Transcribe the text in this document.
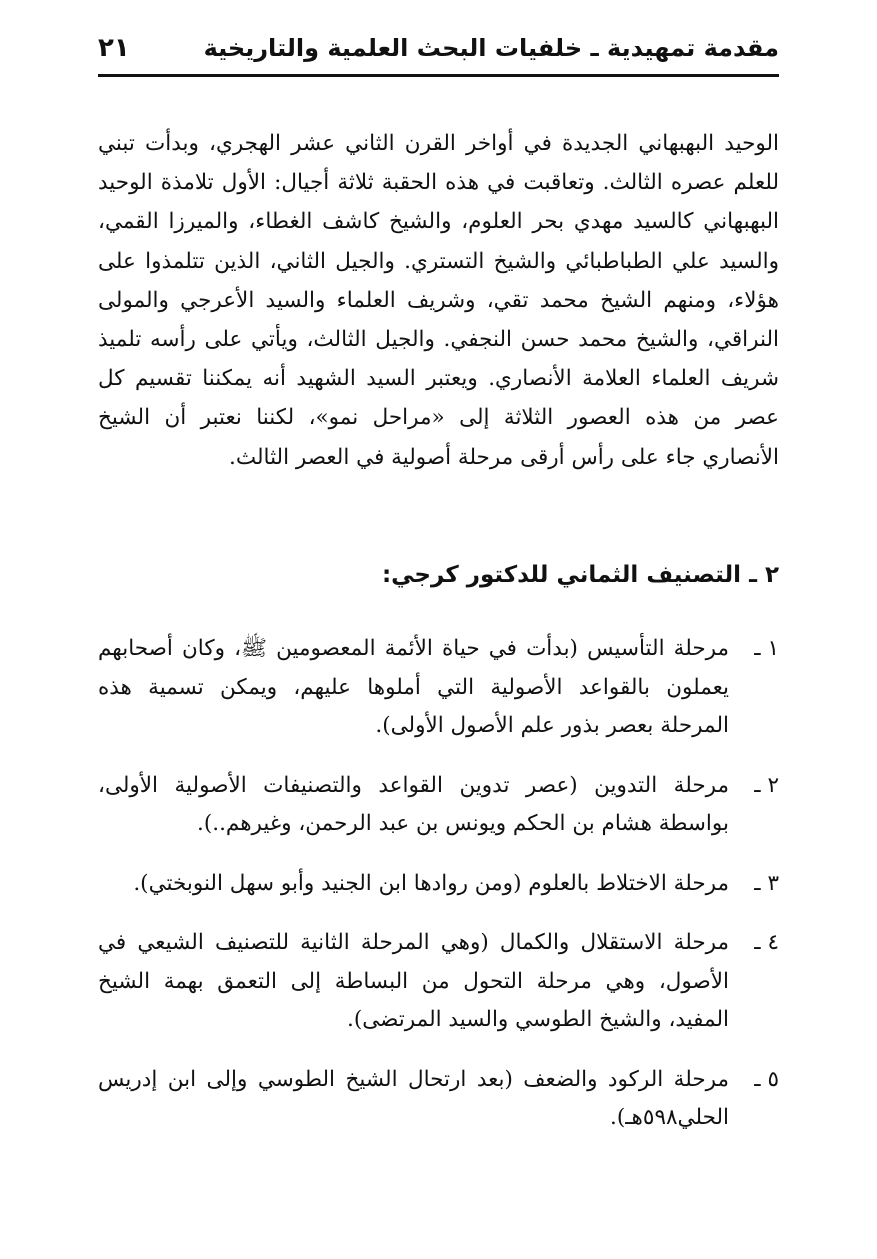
مقدمة تمهيدية ـ خلفيات البحث العلمية والتاريخية
٢١
الوحيد البهبهاني الجديدة في أواخر القرن الثاني عشر الهجري، وبدأت تبني للعلم عصره الثالث. وتعاقبت في هذه الحقبة ثلاثة أجيال: الأول تلامذة الوحيد البهبهاني كالسيد مهدي بحر العلوم، والشيخ كاشف الغطاء، والميرزا القمي، والسيد علي الطباطبائي والشيخ التستري. والجيل الثاني، الذين تتلمذوا على هؤلاء، ومنهم الشيخ محمد تقي، وشريف العلماء والسيد الأعرجي والمولى النراقي، والشيخ محمد حسن النجفي. والجيل الثالث، ويأتي على رأسه تلميذ شريف العلماء العلامة الأنصاري. ويعتبر السيد الشهيد أنه يمكننا تقسيم كل عصر من هذه العصور الثلاثة إلى «مراحل نمو»، لكننا نعتبر أن الشيخ الأنصاري جاء على رأس أرقى مرحلة أصولية في العصر الثالث.
٢ ـ التصنيف الثماني للدكتور كرجي:
١ ـ
مرحلة التأسيس (بدأت في حياة الأئمة المعصومين ﷺ، وكان أصحابهم يعملون بالقواعد الأصولية التي أملوها عليهم، ويمكن تسمية هذه المرحلة بعصر بذور علم الأصول الأولى).
٢ ـ
مرحلة التدوين (عصر تدوين القواعد والتصنيفات الأصولية الأولى، بواسطة هشام بن الحكم ويونس بن عبد الرحمن، وغيرهم..).
٣ ـ
مرحلة الاختلاط بالعلوم (ومن روادها ابن الجنيد وأبو سهل النوبختي).
٤ ـ
مرحلة الاستقلال والكمال (وهي المرحلة الثانية للتصنيف الشيعي في الأصول، وهي مرحلة التحول من البساطة إلى التعمق بهمة الشيخ المفيد، والشيخ الطوسي والسيد المرتضى).
٥ ـ
مرحلة الركود والضعف (بعد ارتحال الشيخ الطوسي وإلى ابن إدريس الحلي٥٩٨هـ).
